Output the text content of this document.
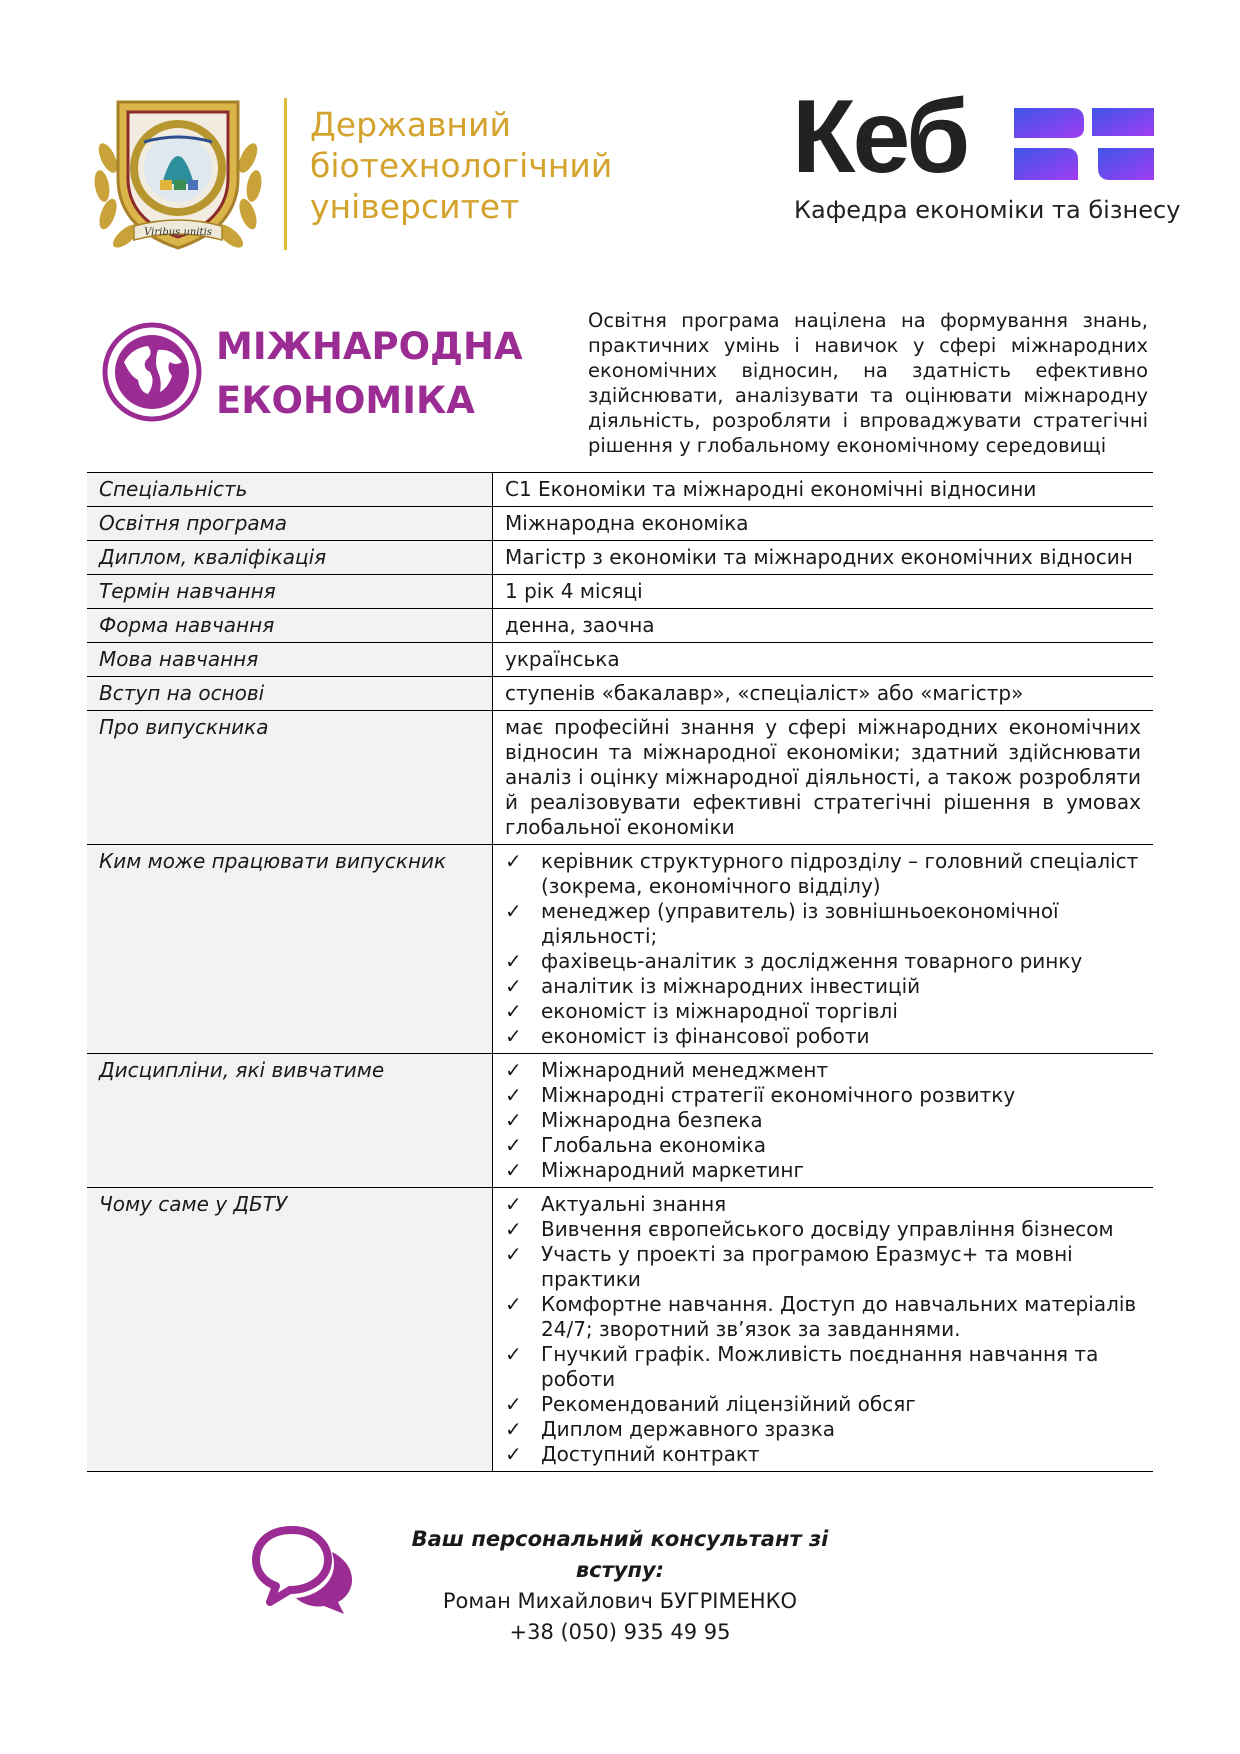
Viribus unitis
Державний
біотехнологічний
університет
Кеб
Кафедра економіки та бізнесу
МІЖНАРОДНА
ЕКОНОМІКА
Освітня програма націлена на формування знань, практичних умінь і навичок у сфері міжнародних економічних відносин, на здатність ефективно здійснювати, аналізувати та оцінювати міжнародну діяльність, розробляти і впроваджувати стратегічні рішення у глобальному економічному середовищі
Спеціальність	С1 Економіки та міжнародні економічні відносини
Освітня програма	Міжнародна економіка
Диплом, кваліфікація	Магістр з економіки та міжнародних економічних відносин
Термін навчання	1 рік 4 місяці
Форма навчання	денна, заочна
Мова навчання	українська
Вступ на основі	ступенів «бакалавр», «спеціаліст» або «магістр»
Про випускника	має професійні знання у сфері міжнародних економічних відносин та міжнародної економіки; здатний здійснювати аналіз і оцінку міжнародної діяльності, а також розробляти й реалізовувати ефективні стратегічні рішення в умовах глобальної економіки
Ким може працювати випускник	✓ керівник структурного підрозділу – головний спеціаліст (зокрема, економічного відділу)
✓ менеджер (управитель) із зовнішньоекономічної діяльності;
✓ фахівець-аналітик з дослідження товарного ринку
✓ аналітик із міжнародних інвестицій
✓ економіст із міжнародної торгівлі
✓ економіст із фінансової роботи
Дисципліни, які вивчатиме	✓ Міжнародний менеджмент
✓ Міжнародні стратегії економічного розвитку
✓ Міжнародна безпека
✓ Глобальна економіка
✓ Міжнародний маркетинг
Чому саме у ДБТУ	✓ Актуальні знання
✓ Вивчення європейського досвіду управління бізнесом
✓ Участь у проекті за програмою Еразмус+ та мовні практики
✓ Комфортне навчання. Доступ до навчальних матеріалів 24/7; зворотний зв’язок за завданнями.
✓ Гнучкий графік. Можливість поєднання навчання та роботи
✓ Рекомендований ліцензійний обсяг
✓ Диплом державного зразка
✓ Доступний контракт
Ваш персональний консультант зі вступу:
Роман Михайлович БУГРІМЕНКО
+38 (050) 935 49 95
